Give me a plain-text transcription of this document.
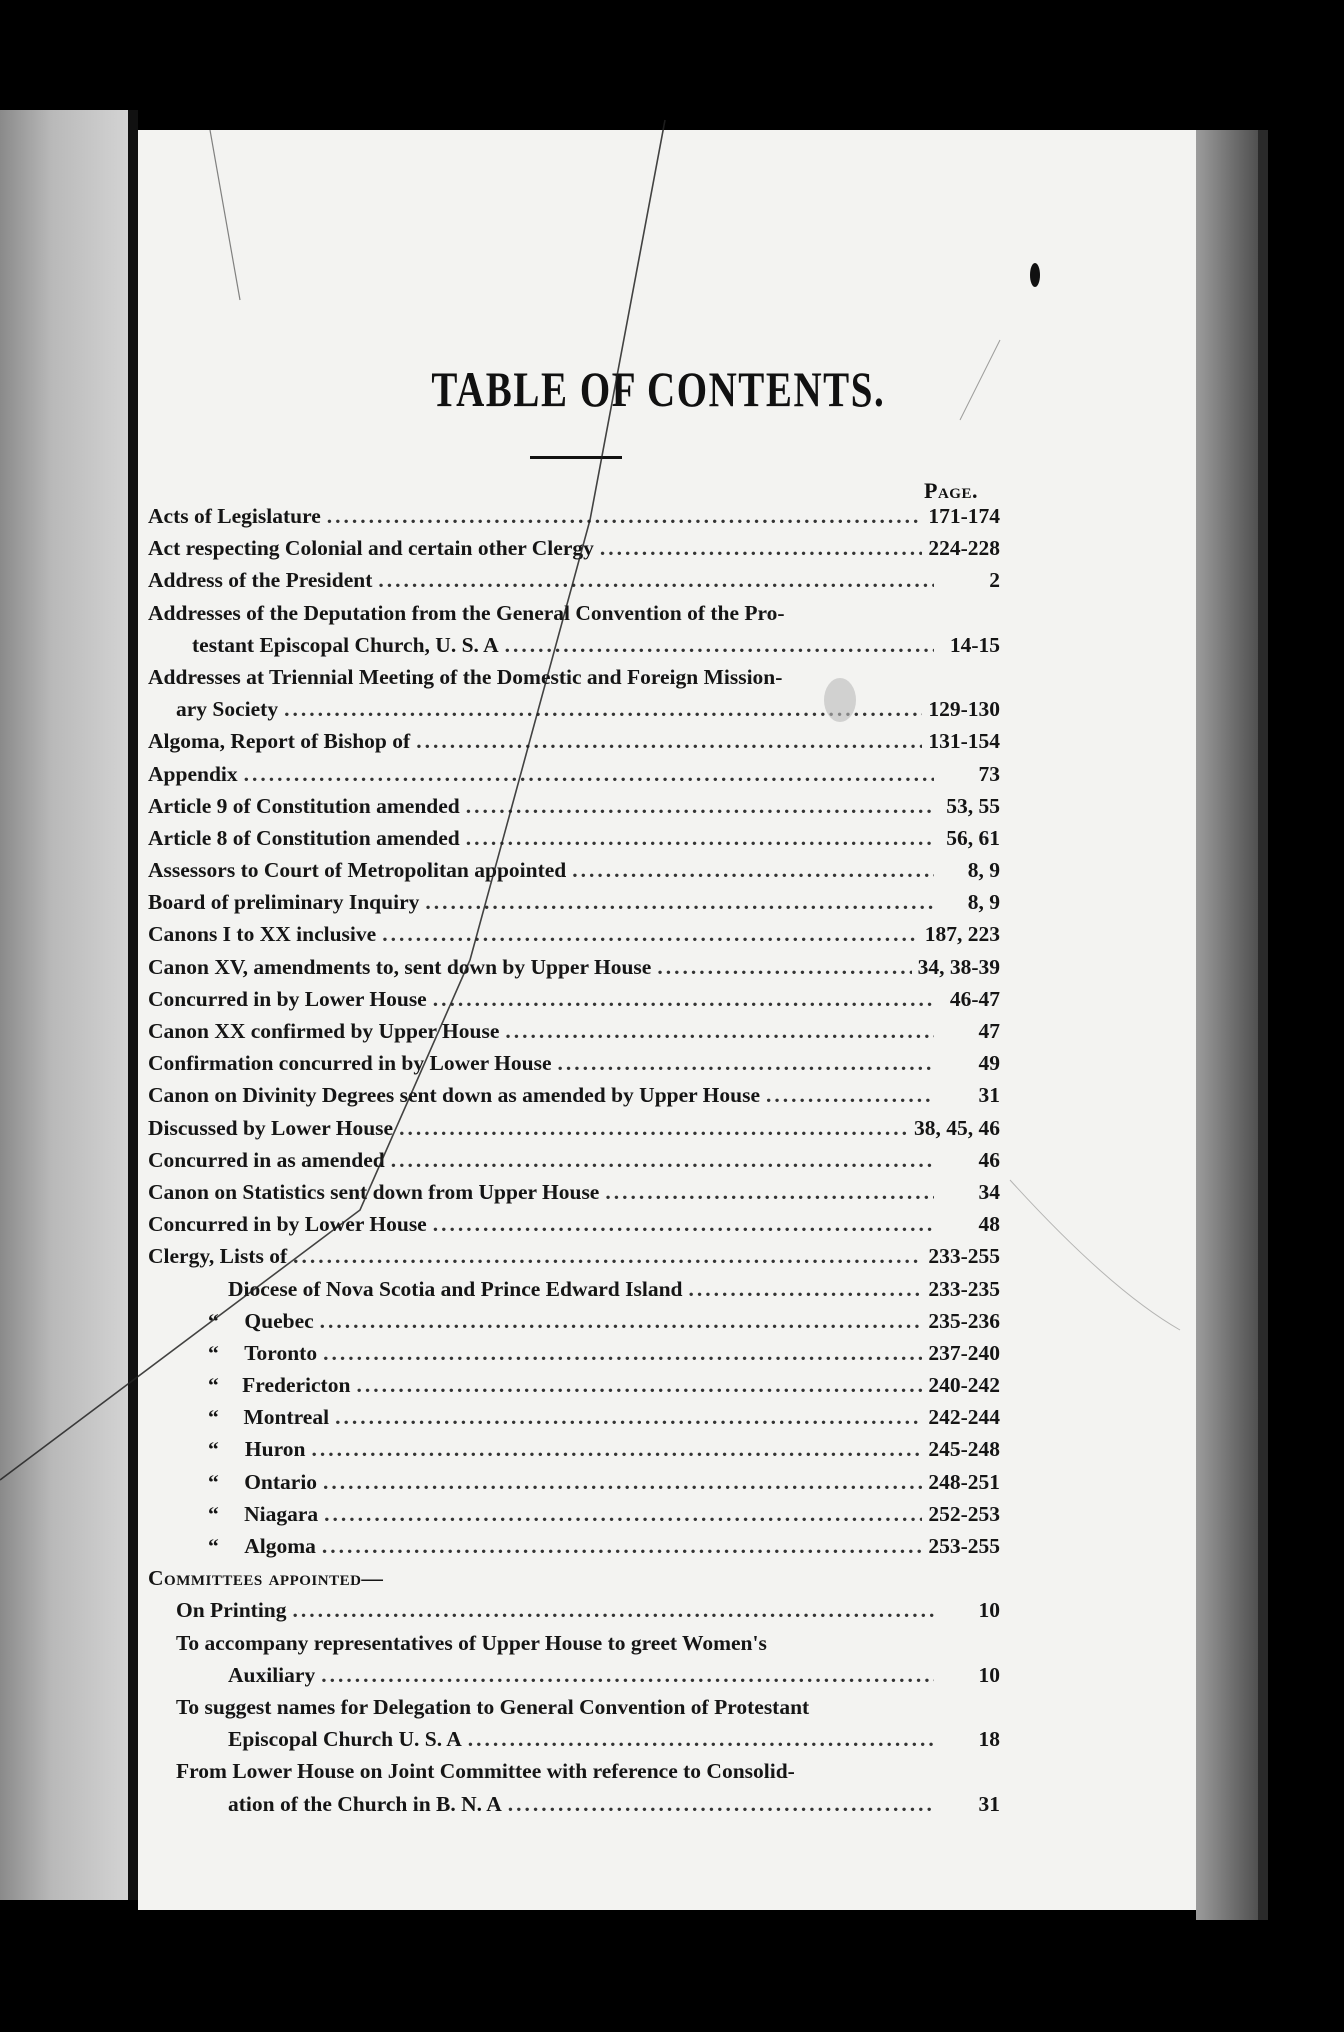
TABLE OF CONTENTS.
Page.
Acts of Legislature .....	171-174
Act respecting Colonial and certain other Clergy .....	224-228
Address of the President .....	2
Addresses of the Deputation from the General Convention of the Pro-
testant Episcopal Church, U. S. A .....	14-15
Addresses at Triennial Meeting of the Domestic and Foreign Mission-
ary Society .....	129-130
Algoma, Report of Bishop of .....	131-154
Appendix .....	73
Article 9 of Constitution amended .....	53, 55
Article 8 of Constitution amended .....	56, 61
Assessors to Court of Metropolitan appointed .....	8, 9
Board of preliminary Inquiry .....	8, 9
Canons I to XX inclusive .....	187, 223
Canon XV, amendments to, sent down by Upper House .....	34, 38-39
Concurred in by Lower House .....	46-47
Canon XX confirmed by Upper House .....	47
Confirmation concurred in by Lower House .....	49
Canon on Divinity Degrees sent down as amended by Upper House .....	31
Discussed by Lower House .....	38, 45, 46
Concurred in as amended .....	46
Canon on Statistics sent down from Upper House .....	34
Concurred in by Lower House .....	48
Clergy, Lists of .....	233-255
Diocese of Nova Scotia and Prince Edward Island .....	233-235
“	Quebec .....	235-236
“	Toronto .....	237-240
“	Fredericton .....	240-242
“	Montreal .....	242-244
“	Huron .....	245-248
“	Ontario .....	248-251
“	Niagara .....	252-253
“	Algoma .....	253-255
Committees appointed—
On Printing .....	10
To accompany representatives of Upper House to greet Women's
Auxiliary .....	10
To suggest names for Delegation to General Convention of Protestant
Episcopal Church U. S. A .....	18
From Lower House on Joint Committee with reference to Consolid-
ation of the Church in B. N. A .....	31
